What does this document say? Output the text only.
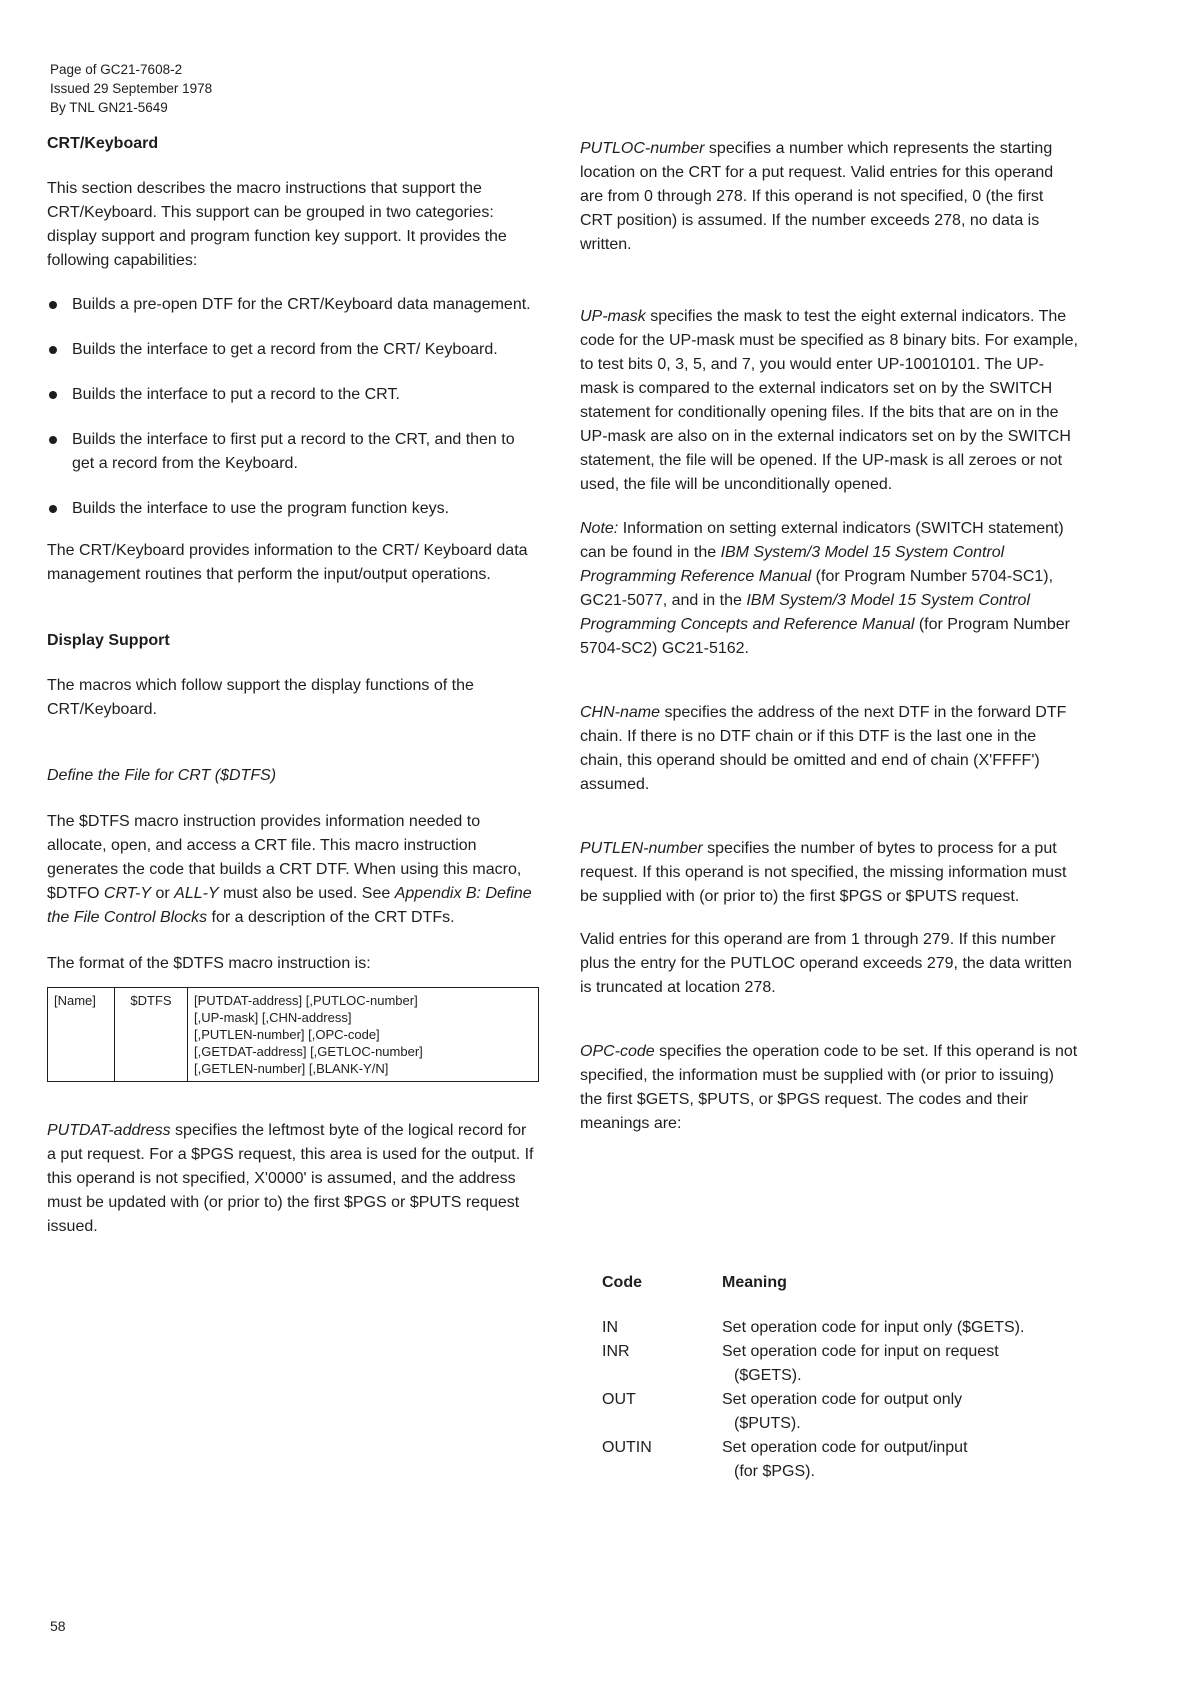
Page of GC21-7608-2
Issued 29 September 1978
By TNL GN21-5649

CRT/Keyboard

This section describes the macro instructions that support the CRT/Keyboard. This support can be grouped in two categories: display support and program function key support. It provides the following capabilities:

Builds a pre-open DTF for the CRT/Keyboard data management.
Builds the interface to get a record from the CRT/ Keyboard.
Builds the interface to put a record to the CRT.
Builds the interface to first put a record to the CRT, and then to get a record from the Keyboard.
Builds the interface to use the program function keys.

The CRT/Keyboard provides information to the CRT/ Keyboard data management routines that perform the input/output operations.

Display Support

The macros which follow support the display functions of the CRT/Keyboard.

Define the File for CRT ($DTFS)

The $DTFS macro instruction provides information needed to allocate, open, and access a CRT file. This macro instruction generates the code that builds a CRT DTF. When using this macro, $DTFO CRT-Y or ALL-Y must also be used. See Appendix B: Define the File Control Blocks for a description of the CRT DTFs.

The format of the $DTFS macro instruction is:

[Name]	$DTFS	[PUTDAT-address] [,PUTLOC-number]
[,UP-mask] [,CHN-address]
[,PUTLEN-number] [,OPC-code]
[,GETDAT-address] [,GETLOC-number]
[,GETLEN-number] [,BLANK-Y/N]

PUTDAT-address specifies the leftmost byte of the logical record for a put request. For a $PGS request, this area is used for the output. If this operand is not specified, X'0000' is assumed, and the address must be updated with (or prior to) the first $PGS or $PUTS request issued.

PUTLOC-number specifies a number which represents the starting location on the CRT for a put request. Valid entries for this operand are from 0 through 278. If this operand is not specified, 0 (the first CRT position) is assumed. If the number exceeds 278, no data is written.

UP-mask specifies the mask to test the eight external indicators. The code for the UP-mask must be specified as 8 binary bits. For example, to test bits 0, 3, 5, and 7, you would enter UP-10010101. The UP-mask is compared to the external indicators set on by the SWITCH statement for conditionally opening files. If the bits that are on in the UP-mask are also on in the external indicators set on by the SWITCH statement, the file will be opened. If the UP-mask is all zeroes or not used, the file will be unconditionally opened.

Note: Information on setting external indicators (SWITCH statement) can be found in the IBM System/3 Model 15 System Control Programming Reference Manual (for Program Number 5704-SC1), GC21-5077, and in the IBM System/3 Model 15 System Control Programming Concepts and Reference Manual (for Program Number 5704-SC2) GC21-5162.

CHN-name specifies the address of the next DTF in the forward DTF chain. If there is no DTF chain or if this DTF is the last one in the chain, this operand should be omitted and end of chain (X'FFFF') assumed.

PUTLEN-number specifies the number of bytes to process for a put request. If this operand is not specified, the missing information must be supplied with (or prior to) the first $PGS or $PUTS request.

Valid entries for this operand are from 1 through 279. If this number plus the entry for the PUTLOC operand exceeds 279, the data written is truncated at location 278.

OPC-code specifies the operation code to be set. If this operand is not specified, the information must be supplied with (or prior to issuing) the first $GETS, $PUTS, or $PGS request. The codes and their meanings are:

Code	Meaning
IN	Set operation code for input only ($GETS).
INR	Set operation code for input on request
($GETS).
OUT	Set operation code for output only
($PUTS).
OUTIN	Set operation code for output/input
(for $PGS).
58
